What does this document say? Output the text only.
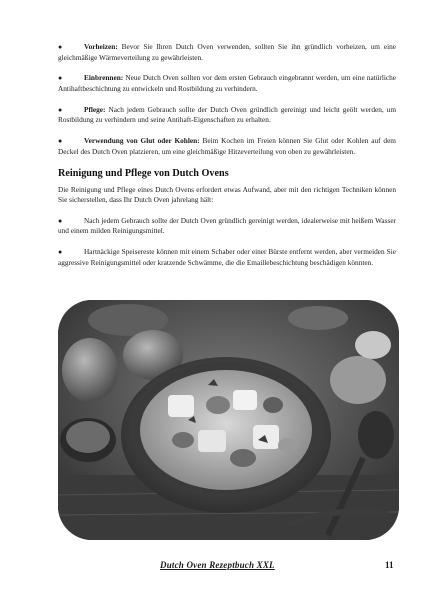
●	Vorheizen: Bevor Sie Ihren Dutch Oven verwenden, sollten Sie ihn gründlich vorheizen, um eine gleichmäßige Wärmeverteilung zu gewährleisten.

●	Einbrennen: Neue Dutch Oven sollten vor dem ersten Gebrauch eingebrannt werden, um eine natürliche Antihaftbeschichtung zu entwickeln und Rostbildung zu verhindern.

●	Pflege: Nach jedem Gebrauch sollte der Dutch Oven gründlich gereinigt und leicht geölt werden, um Rostbildung zu verhindern und seine Antihaft-Eigenschaften zu erhalten.

●	Verwendung von Glut oder Kohlen: Beim Kochen im Freien können Sie Glut oder Kohlen auf dem Deckel des Dutch Oven platzieren, um eine gleichmäßige Hitzeverteilung von oben zu gewährleisten.

Reinigung und Pflege von Dutch Ovens

Die Reinigung und Pflege eines Dutch Ovens erfordert etwas Aufwand, aber mit den richtigen Techniken können Sie sicherstellen, dass Ihr Dutch Oven jahrelang hält:

●	Nach jedem Gebrauch sollte der Dutch Oven gründlich gereinigt werden, idealerweise mit heißem Wasser und einem milden Reinigungsmittel.

●	Hartnäckige Speisereste können mit einem Schaber oder einer Bürste entfernt werden, aber vermeiden Sie aggressive Reinigungsmittel oder kratzende Schwämme, die die Emaillebeschichtung beschädigen könnten.

Dutch Oven Rezeptbuch XXL	11
